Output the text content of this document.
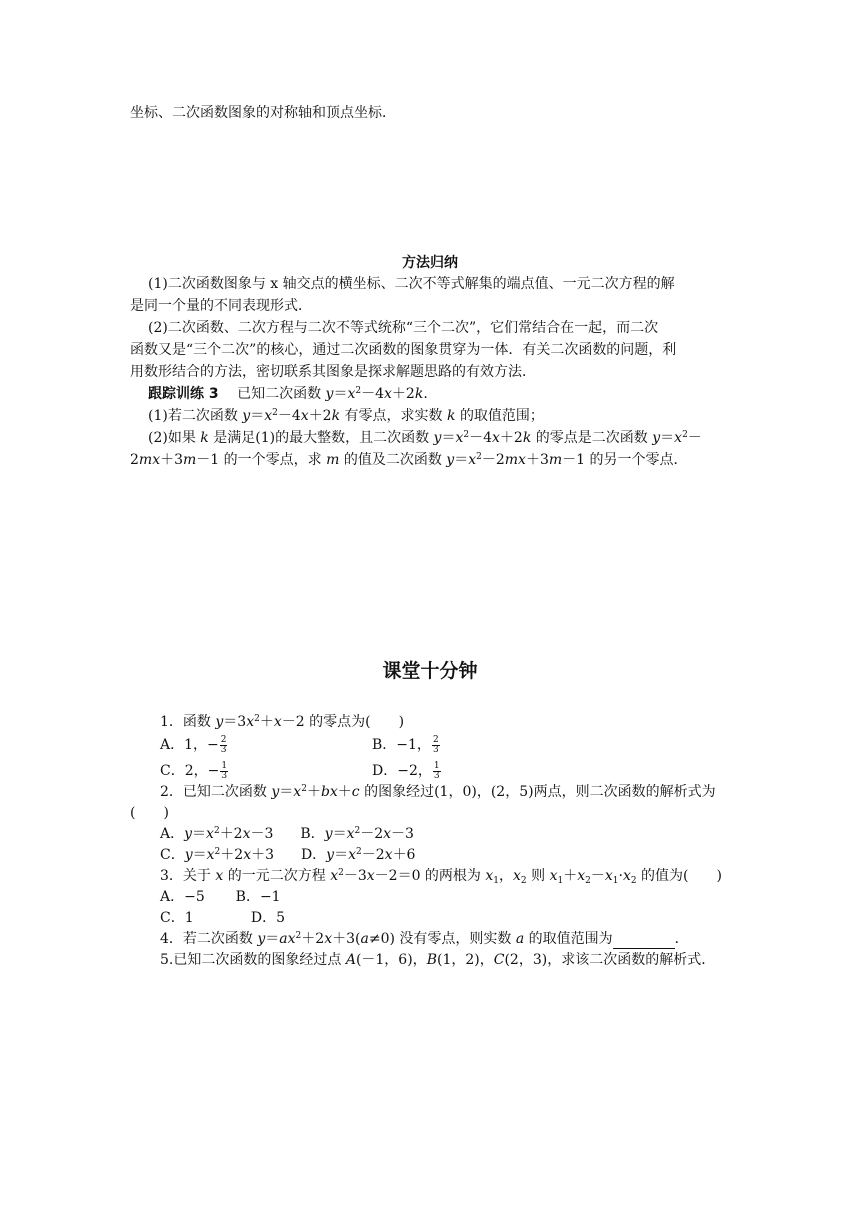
坐标、二次函数图象的对称轴和顶点坐标．
方法归纳
(1)二次函数图象与 x 轴交点的横坐标、二次不等式解集的端点值、一元二次方程的解
是同一个量的不同表现形式．
(2)二次函数、二次方程与二次不等式统称“三个二次”，它们常结合在一起，而二次
函数又是“三个二次”的核心，通过二次函数的图象贯穿为一体．有关二次函数的问题，利
用数形结合的方法，密切联系其图象是探求解题思路的有效方法．
跟踪训练 3　 已知二次函数 $y=x^2-4x+2k$.
(1)若二次函数 $y=x^2-4x+2k$ 有零点，求实数 k 的取值范围；
(2)如果 k 是满足(1)的最大整数，且二次函数 $y=x^2-4x+2k$ 的零点是二次函数 $y=x^2-$
2mx＋3m－1 的一个零点，求 m 的值及二次函数 $y=x^2-2mx+3m-1$ 的另一个零点．
课堂十分钟
1．函数 $y=3x^2+x-2$ 的零点为(　　)
A．1，− $\frac{2}{3}$	B．−1， $\frac{2}{3}$
C．2，− $\frac{1}{3}$	D．−2， $\frac{1}{3}$
2．已知二次函数 $y=x^2+bx+c$ 的图象经过(1，0)，(2，5)两点，则二次函数的解析式为
(　　)
A．$y=x^2+2x-3$ B．$y=x^2-2x-3$
C．$y=x^2+2x+3$ D．$y=x^2-2x+6$
3．关于 x 的一元二次方程 $x^2-3x-2=0$ 的两根为 $x_1$，$x_2$ 则 $x_1+x_2-x_1\cdot x_2$ 的值为(　　)
A．−5 B．−1
C．1	D．5
4．若二次函数 $y=ax^2+2x+3(a\ne 0)$ 没有零点，则实数 a 的取值范围为	．
5.已知二次函数的图象经过点 A(－1，6)，B(1，2)，C(2，3)，求该二次函数的解析式．
